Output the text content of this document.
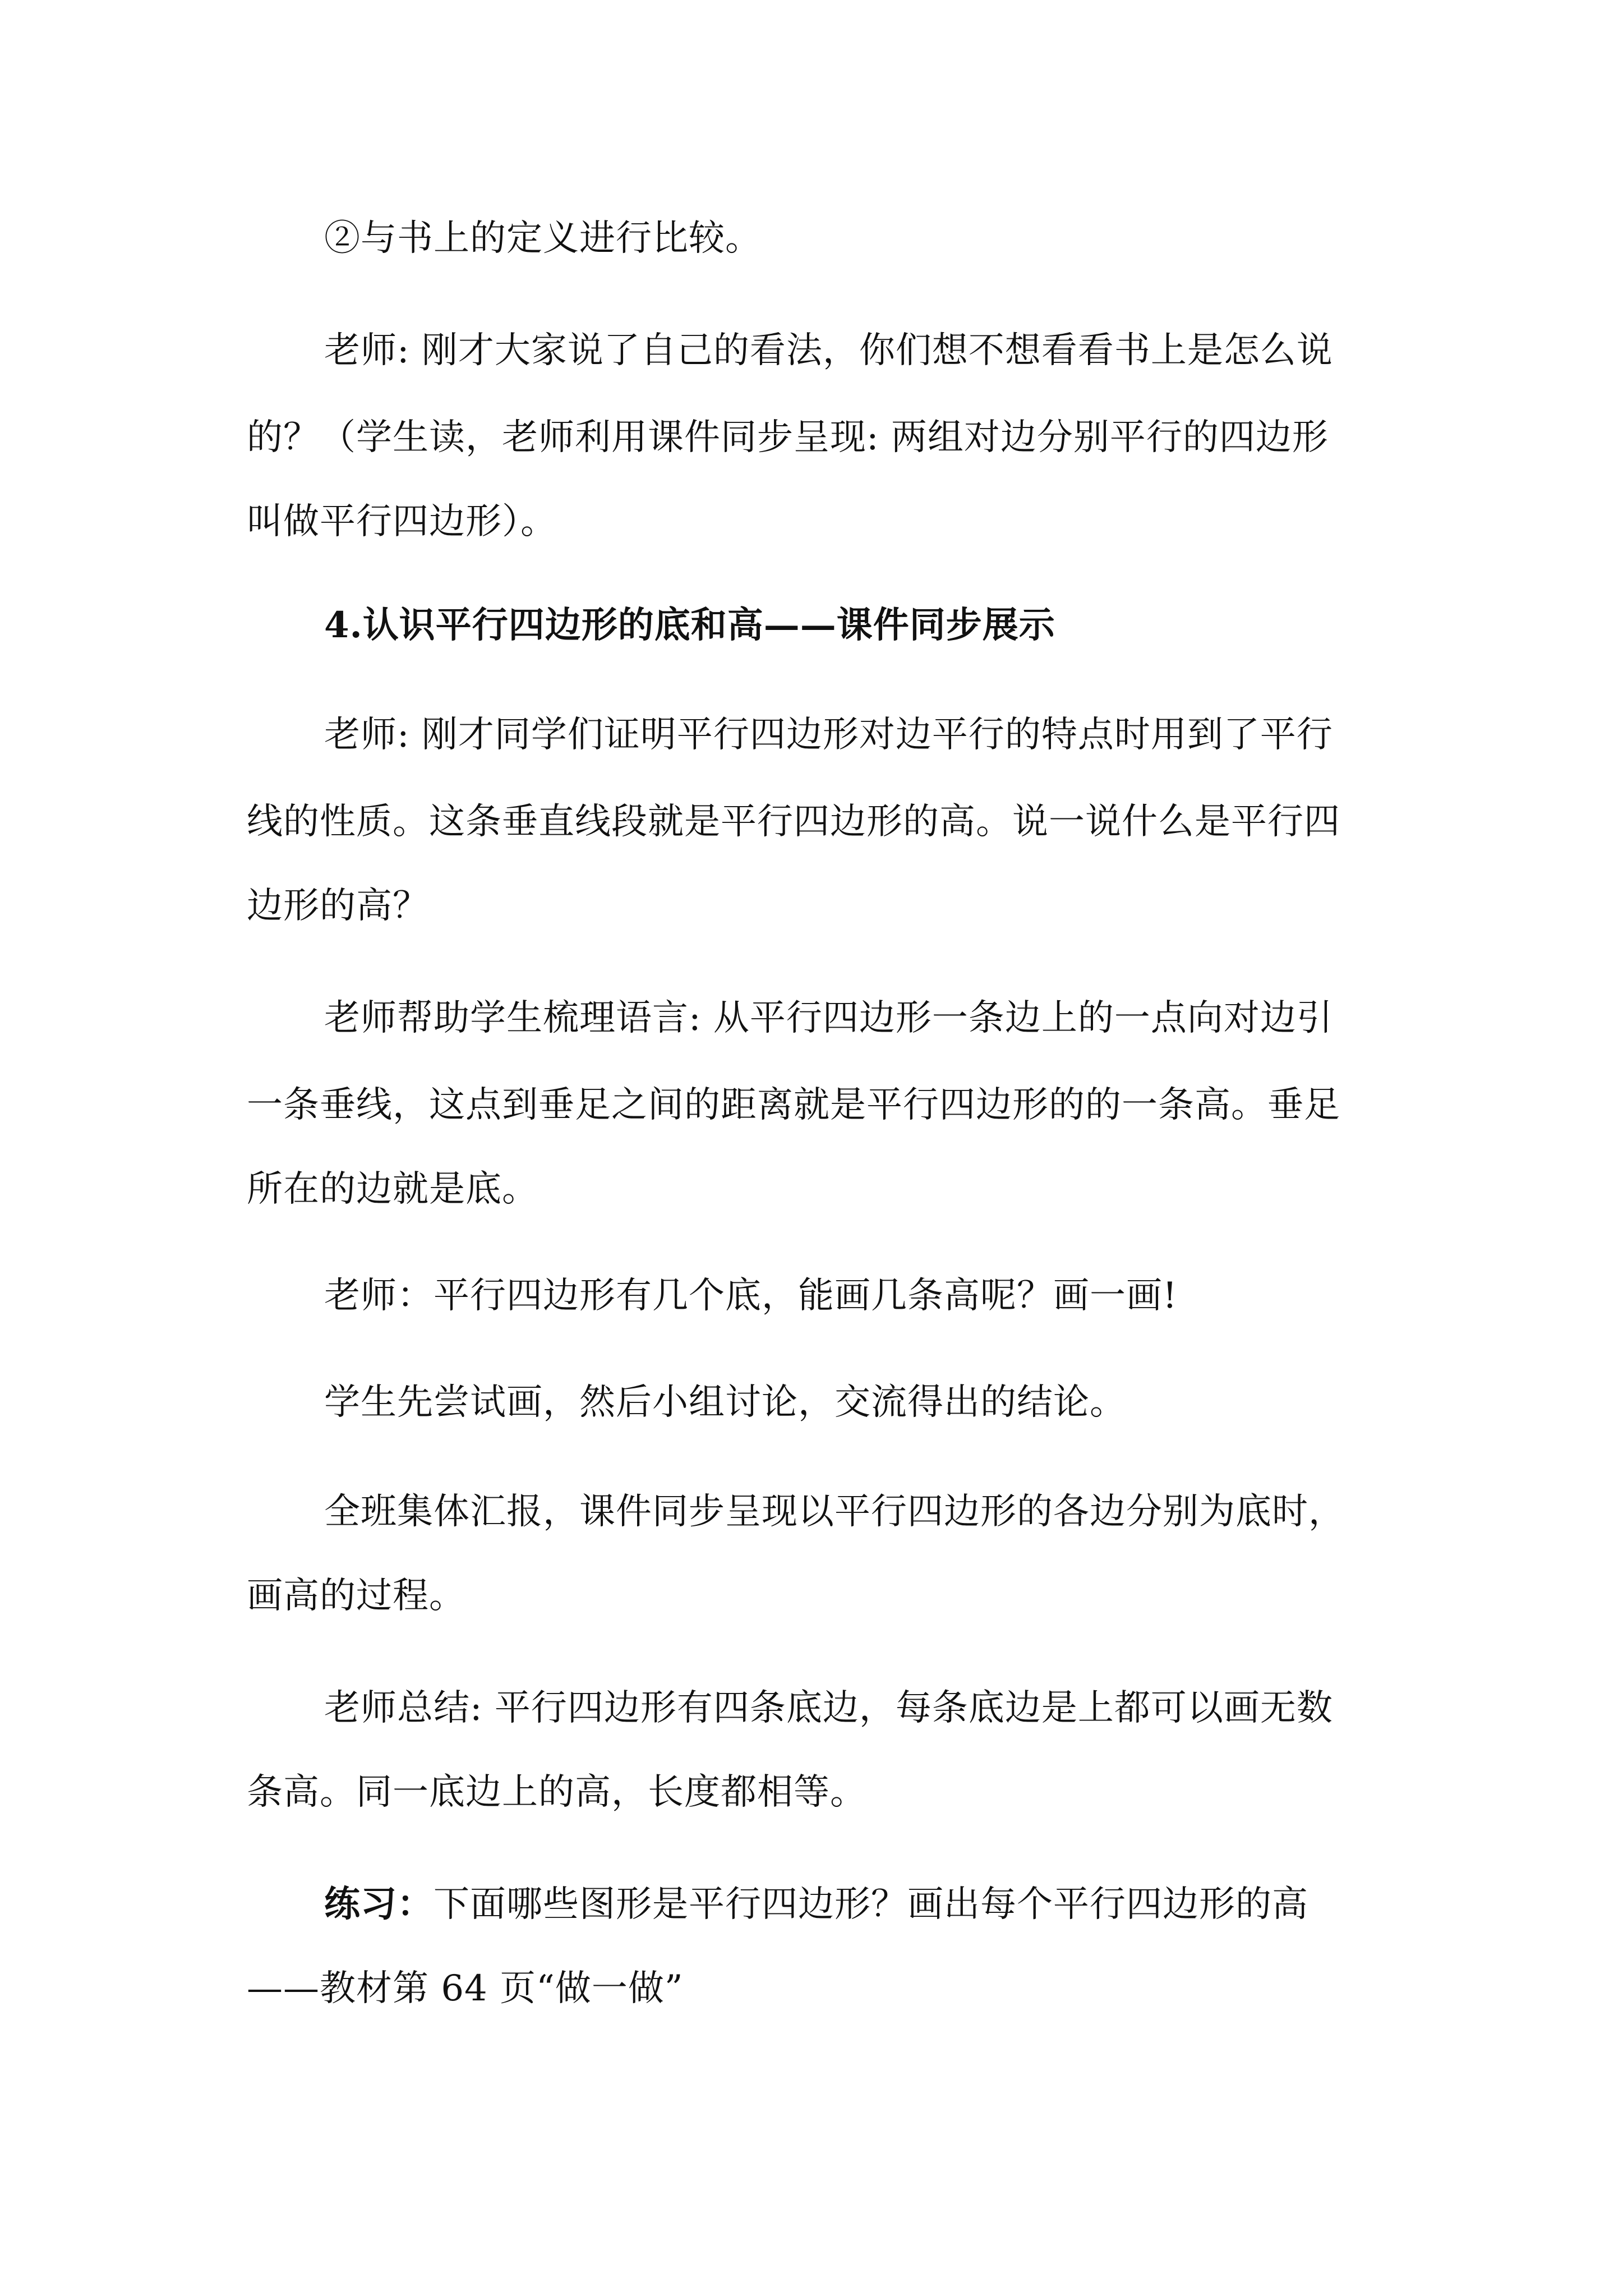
②与书上的定义进行比较。
老师: 刚才大家说了自己的看法，你们想不想看看书上是怎么说
的？（学生读，老师利用课件同步呈现: 两组对边分别平行的四边形
叫做平行四边形）。
4.认识平行四边形的底和高——课件同步展示
老师: 刚才同学们证明平行四边形对边平行的特点时用到了平行
线的性质。这条垂直线段就是平行四边形的高。说一说什么是平行四
边形的高？
老师帮助学生梳理语言: 从平行四边形一条边上的一点向对边引
一条垂线，这点到垂足之间的距离就是平行四边形的的一条高。垂足
所在的边就是底。
老师：平行四边形有几个底，能画几条高呢？画一画!
学生先尝试画，然后小组讨论，交流得出的结论。
全班集体汇报，课件同步呈现以平行四边形的各边分别为底时，
画高的过程。
老师总结: 平行四边形有四条底边，每条底边是上都可以画无数
条高。同一底边上的高，长度都相等。
练习：下面哪些图形是平行四边形？画出每个平行四边形的高
——教材第 64 页“做一做”
